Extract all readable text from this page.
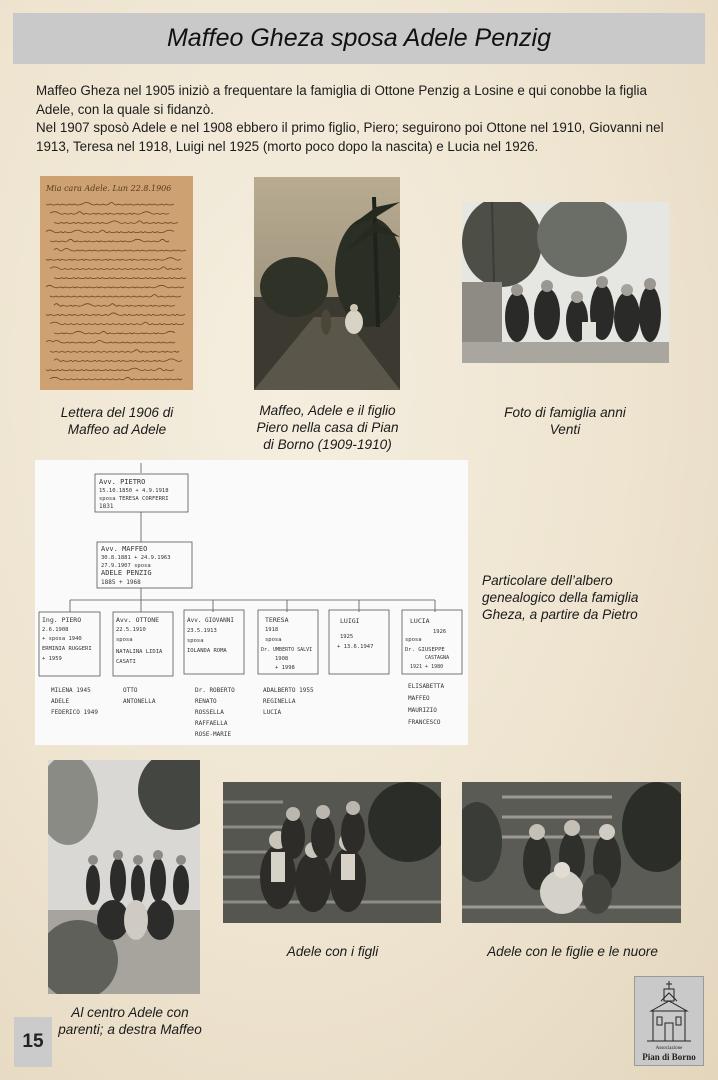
Maffeo Gheza sposa Adele Penzig

Maffeo Gheza nel 1905 iniziò a frequentare la famiglia di Ottone Penzig a Losine e qui conobbe la figlia Adele, con la quale si fidanzò.

Nel 1907 sposò Adele e nel 1908 ebbero il primo figlio, Piero; seguirono poi Ottone nel 1910, Giovanni nel 1913, Teresa nel 1918, Luigi nel 1925 (morto poco dopo la nascita) e Lucia nel 1926.

Mia cara Adele. Lun 22.8.1906
Lettera del 1906 di Maffeo ad Adele
Maffeo, Adele e il figlio Piero nella casa di Pian di Borno (1909-1910)
Foto di famiglia anni Venti
Avv. PIETRO
15.10.1850 + 4.9.1918
sposa TERESA CORFERRI
1831
Avv. MAFFEO
30.8.1881 + 24.9.1963
27.9.1907 sposa
ADELE PENZIG
1885 + 1968
Ing. PIERO
2.6.1908
+ sposa 1940
ERMINIA RUGGERI
+ 1959
MILENA 1945
ADELE
FEDERICO 1949
Avv. OTTONE
22.5.1910
sposa
NATALINA LIDIA
CASATI
OTTO
ANTONELLA
Avv. GIOVANNI
23.5.1913
sposa
IOLANDA ROMA
Dr. ROBERTO
RENATO
ROSSELLA
RAFFAELLA
ROSE-MARIE
TERESA
1918
sposa
Dr. UMBERTO SALVI
1908
+ 1998
ADALBERTO 1955
REGINELLA
LUCIA
LUIGI
1925
+ 13.6.1947
LUCIA
1926
sposa
Dr. GIUSEPPE
CASTAGNA
1921 + 1980
ELISABETTA
MAFFEO
MAURIZIO
FRANCESCO
Particolare dell’albero genealogico della famiglia Gheza, a partire da Pietro
Al centro Adele con parenti; a destra Maffeo
Adele con i figli	Adele con le figlie e le nuore
15	Associazione
Pian di Borno
